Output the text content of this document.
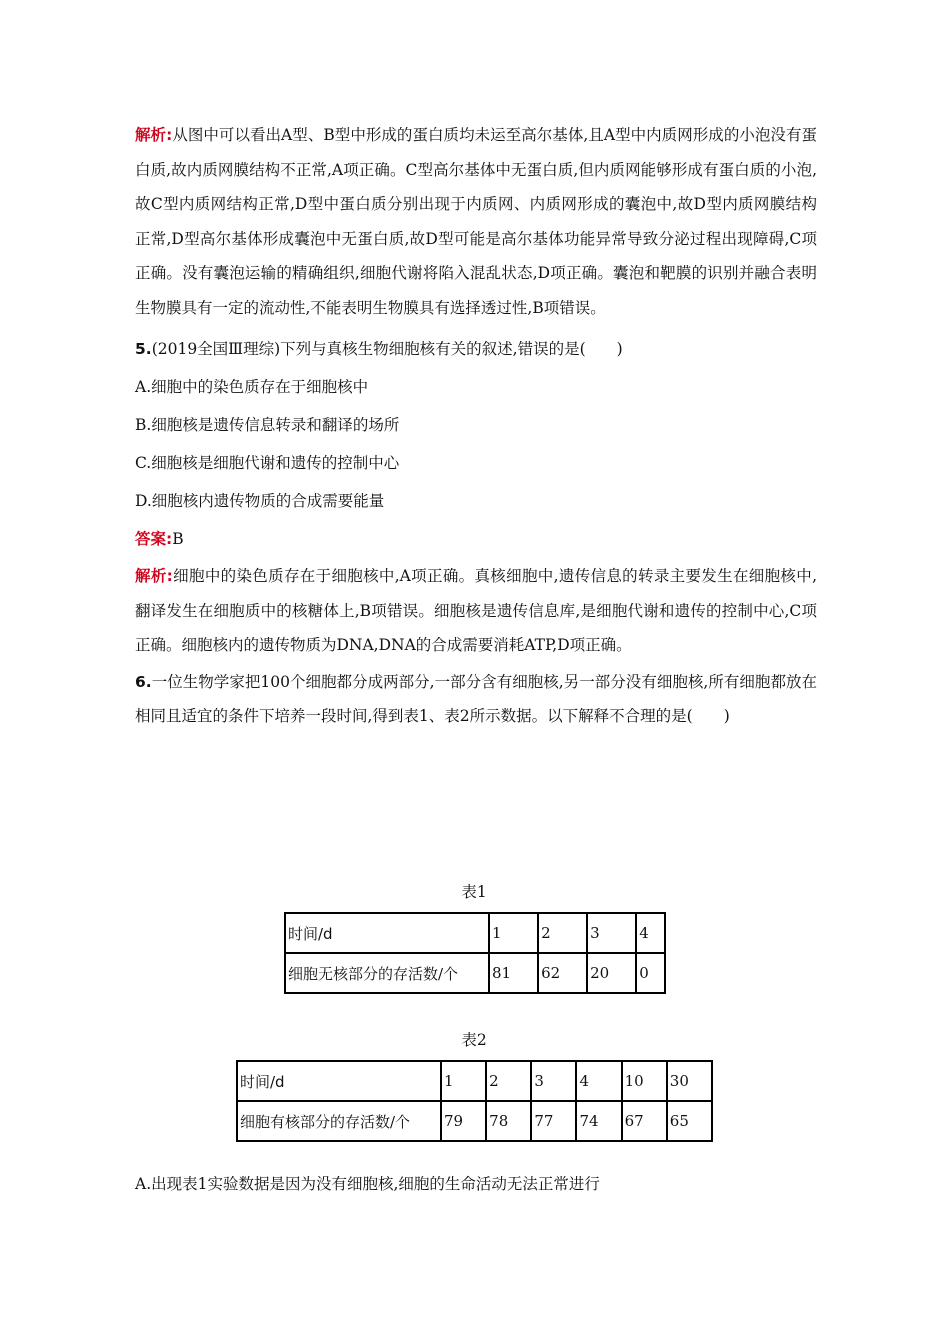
解析:从图中可以看出A型、B型中形成的蛋白质均未运至高尔基体,且A型中内质网形成的小泡没有蛋白质,故内质网膜结构不正常,A项正确。C型高尔基体中无蛋白质,但内质网能够形成有蛋白质的小泡,故C型内质网结构正常,D型中蛋白质分别出现于内质网、内质网形成的囊泡中,故D型内质网膜结构正常,D型高尔基体形成囊泡中无蛋白质,故D型可能是高尔基体功能异常导致分泌过程出现障碍,C项正确。没有囊泡运输的精确组织,细胞代谢将陷入混乱状态,D项正确。囊泡和靶膜的识别并融合表明生物膜具有一定的流动性,不能表明生物膜具有选择透过性,B项错误。

5. (2019全国Ⅲ理综)下列与真核生物细胞核有关的叙述,错误的是(　　)
A.细胞中的染色质存在于细胞核中
B.细胞核是遗传信息转录和翻译的场所
C.细胞核是细胞代谢和遗传的控制中心
D.细胞核内遗传物质的合成需要能量
答案: B

解析:细胞中的染色质存在于细胞核中,A项正确。真核细胞中,遗传信息的转录主要发生在细胞核中,翻译发生在细胞质中的核糖体上,B项错误。细胞核是遗传信息库,是细胞代谢和遗传的控制中心,C项正确。细胞核内的遗传物质为DNA,DNA的合成需要消耗ATP,D项正确。

6.一位生物学家把100个细胞都分成两部分,一部分含有细胞核,另一部分没有细胞核,所有细胞都放在相同且适宜的条件下培养一段时间,得到表1、表2所示数据。以下解释不合理的是(　　)

表1
时间/d	1	2	3	4
细胞无核部分的存活数/个	81	62	20	0
表2
时间/d	1	2	3	4	10	30
细胞有核部分的存活数/个	79	78	77	74	67	65
A.出现表1实验数据是因为没有细胞核,细胞的生命活动无法正常进行
